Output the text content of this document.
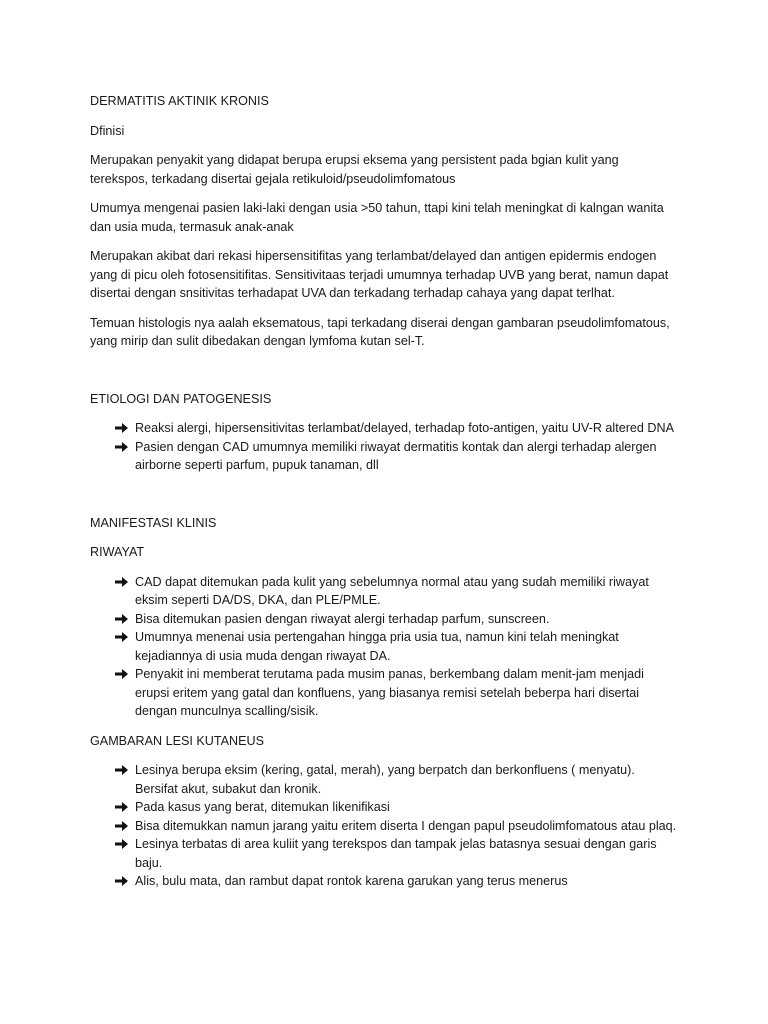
DERMATITIS AKTINIK KRONIS

Dfinisi

Merupakan penyakit yang didapat berupa erupsi eksema yang persistent pada bgian kulit yang terekspos, terkadang disertai gejala retikuloid/pseudolimfomatous

Umumya mengenai pasien laki-laki dengan usia >50 tahun, ttapi kini telah meningkat di kalngan wanita dan usia muda, termasuk anak-anak

Merupakan akibat dari rekasi hipersensitifitas yang terlambat/delayed dan antigen epidermis endogen yang di picu oleh fotosensitifitas. Sensitivitaas terjadi umumnya terhadap UVB yang berat, namun dapat disertai dengan snsitivitas terhadapat UVA dan terkadang terhadap cahaya yang dapat terlhat.

Temuan histologis nya aalah eksematous, tapi terkadang diserai dengan gambaran pseudolimfomatous, yang mirip dan sulit dibedakan dengan lymfoma kutan sel-T.

ETIOLOGI DAN PATOGENESIS

Reaksi alergi, hipersensitivitas terlambat/delayed, terhadap foto-antigen, yaitu UV-R altered DNA
Pasien dengan CAD umumnya memiliki riwayat dermatitis kontak dan alergi terhadap alergen airborne seperti parfum, pupuk tanaman, dll

MANIFESTASI KLINIS

RIWAYAT

CAD dapat ditemukan pada kulit yang sebelumnya normal atau yang sudah memiliki riwayat eksim seperti DA/DS, DKA, dan PLE/PMLE.
Bisa ditemukan pasien dengan riwayat alergi terhadap parfum, sunscreen.
Umumnya menenai usia pertengahan hingga pria usia tua, namun kini telah meningkat kejadiannya di usia muda dengan riwayat DA.
Penyakit ini memberat terutama pada musim panas, berkembang dalam menit-jam menjadi erupsi eritem yang gatal dan konfluens, yang biasanya remisi setelah beberpa hari disertai dengan munculnya scalling/sisik.

GAMBARAN LESI KUTANEUS

Lesinya berupa eksim (kering, gatal, merah), yang berpatch dan berkonfluens ( menyatu). Bersifat akut, subakut dan kronik.
Pada kasus yang berat, ditemukan likenifikasi
Bisa ditemukkan namun jarang yaitu eritem diserta I dengan papul pseudolimfomatous atau plaq.
Lesinya terbatas di area kuliit yang terekspos dan tampak jelas batasnya sesuai dengan garis baju.
Alis, bulu mata, dan rambut dapat rontok karena garukan yang terus menerus
